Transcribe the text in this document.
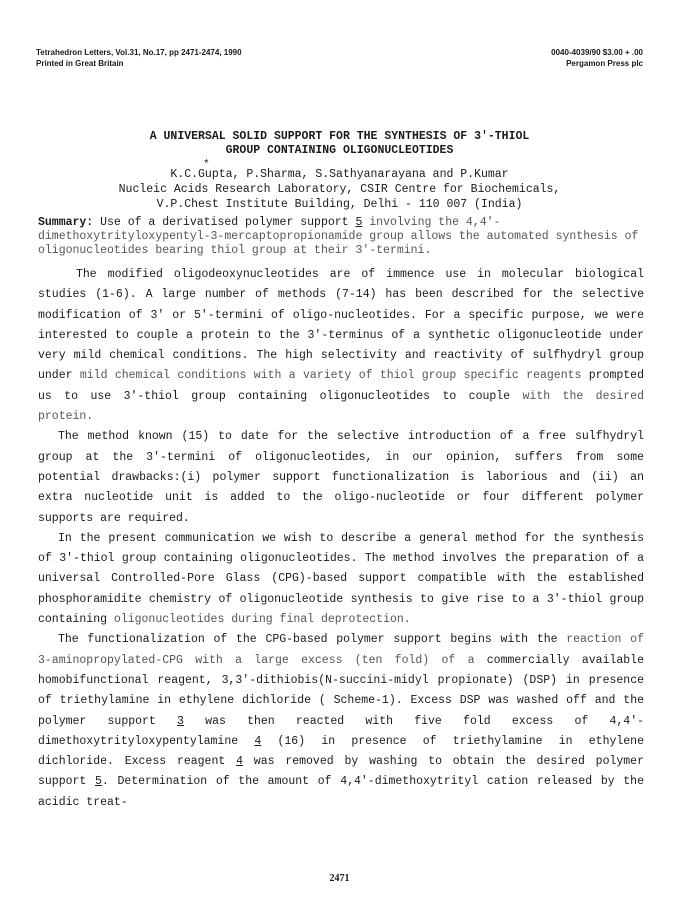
Tetrahedron Letters, Vol.31, No.17, pp 2471-2474, 1990
Printed in Great Britain
0040-4039/90 $3.00 + .00
Pergamon Press plc
A UNIVERSAL SOLID SUPPORT FOR THE SYNTHESIS OF 3'-THIOL
GROUP CONTAINING OLIGONUCLEOTIDES
K.C.Gupta, P.Sharma, S.Sathyanarayana and P.Kumar
*
Nucleic Acids Research Laboratory, CSIR Centre for Biochemicals,
V.P.Chest Institute Building, Delhi - 110 007 (India)
Summary: Use of a derivatised polymer support 5 involving the 4,4'-dimethoxytrityloxypentyl-3-mercaptopropionamide group allows the automated synthesis of oligonucleotides bearing thiol group at their 3'-termini.

The modified oligodeoxynucleotides are of immence use in molecular biological studies (1-6). A large number of methods (7-14) has been described for the selective modification of 3' or 5'-termini of oligo-nucleotides. For a specific purpose, we were interested to couple a protein to the 3'-terminus of a synthetic oligonucleotide under very mild chemical conditions. The high selectivity and reactivity of sulfhydryl group under mild chemical conditions with a variety of thiol group specific reagents prompted us to use 3'-thiol group containing oligonucleotides to couple with the desired protein.

The method known (15) to date for the selective introduction of a free sulfhydryl group at the 3'-termini of oligonucleotides, in our opinion, suffers from some potential drawbacks:(i) polymer support functionalization is laborious and (ii) an extra nucleotide unit is added to the oligo-nucleotide or four different polymer supports are required.

In the present communication we wish to describe a general method for the synthesis of 3'-thiol group containing oligonucleotides. The method involves the preparation of a universal Controlled-Pore Glass (CPG)-based support compatible with the established phosphoramidite chemistry of oligonucleotide synthesis to give rise to a 3'-thiol group containing oligonucleotides during final deprotection.

The functionalization of the CPG-based polymer support begins with the reaction of 3-aminopropylated-CPG with a large excess (ten fold) of a commercially available homobifunctional reagent, 3,3'-dithiobis(N-succini-midyl propionate) (DSP) in presence of triethylamine in ethylene dichloride ( Scheme-1). Excess DSP was washed off and the polymer support 3 was then reacted with five fold excess of 4,4'-dimethoxytrityloxypentylamine 4 (16) in presence of triethylamine in ethylene dichloride. Excess reagent 4 was removed by washing to obtain the desired polymer support 5. Determination of the amount of 4,4'-dimethoxytrityl cation released by the acidic treat-

2471
